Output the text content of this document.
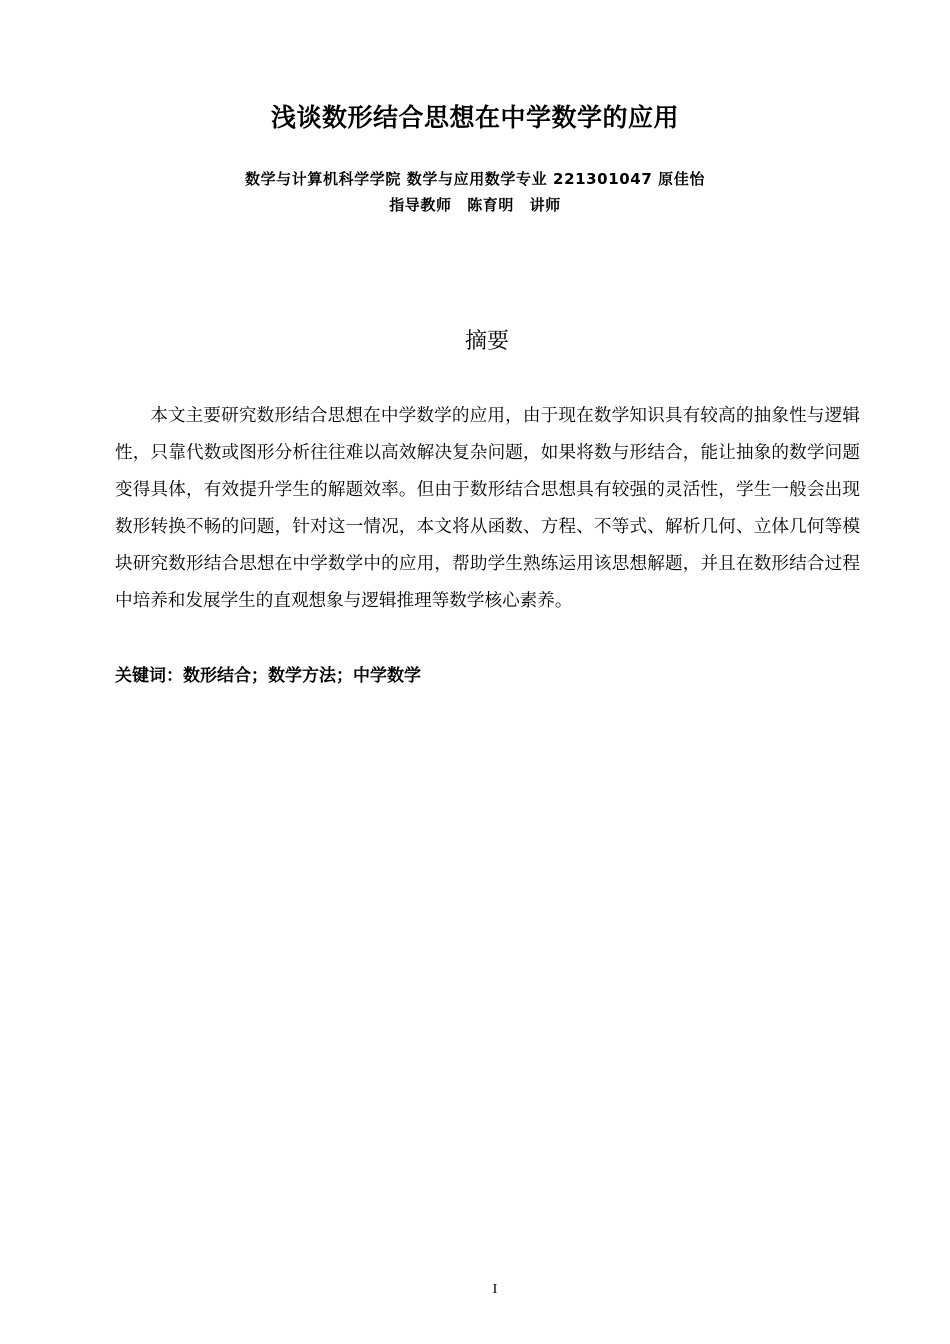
浅谈数形结合思想在中学数学的应用
数学与计算机科学学院 数学与应用数学专业 221301047 原佳怡
指导教师　陈育明　讲师
摘要

本文主要研究数形结合思想在中学数学的应用，由于现在数学知识具有较高的抽象性与逻辑性，只靠代数或图形分析往往难以高效解决复杂问题，如果将数与形结合，能让抽象的数学问题变得具体，有效提升学生的解题效率。但由于数形结合思想具有较强的灵活性，学生一般会出现数形转换不畅的问题，针对这一情况，本文将从函数、方程、不等式、解析几何、立体几何等模块研究数形结合思想在中学数学中的应用，帮助学生熟练运用该思想解题，并且在数形结合过程中培养和发展学生的直观想象与逻辑推理等数学核心素养。

关键词：数形结合；数学方法；中学数学
I
